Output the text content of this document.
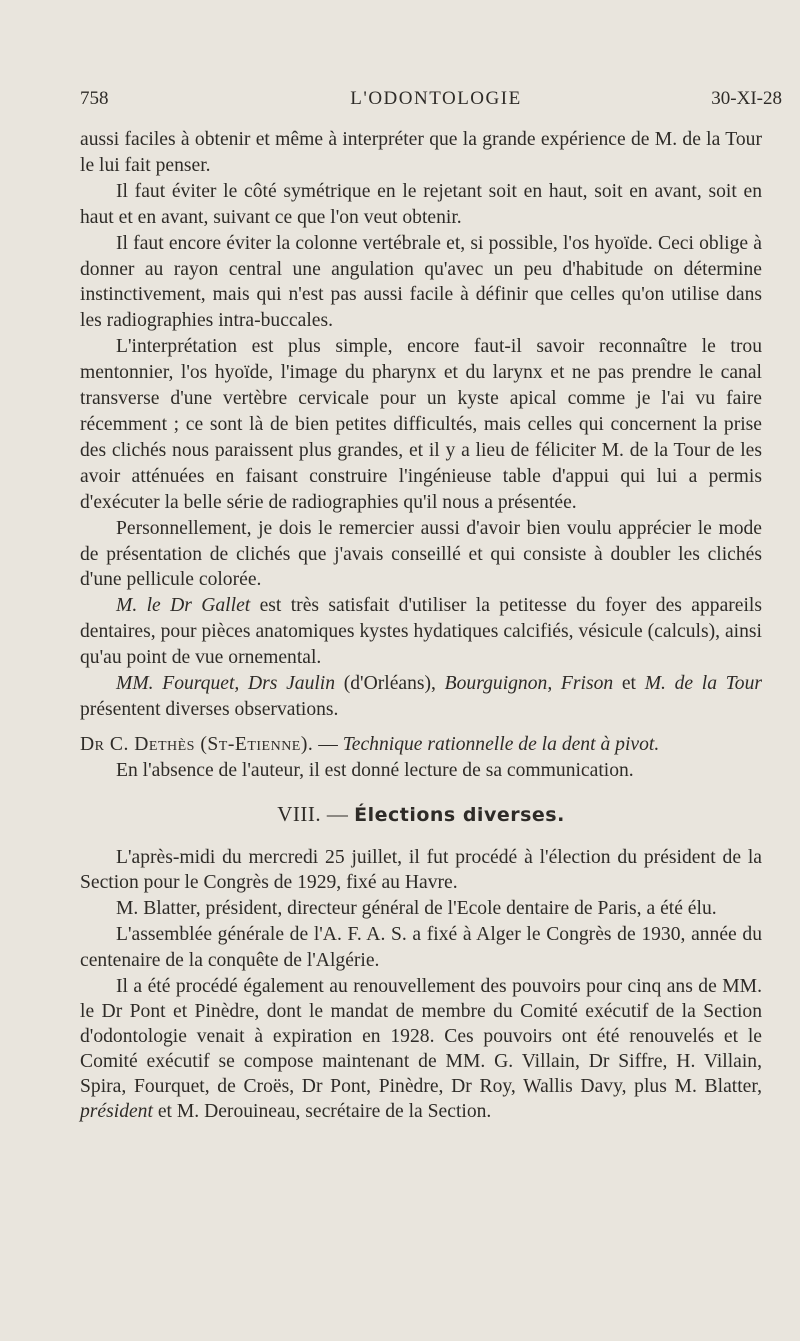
758	L'ODONTOLOGIE	30-XI-28

aussi faciles à obtenir et même à interpréter que la grande expérience de M. de la Tour le lui fait penser.

Il faut éviter le côté symétrique en le rejetant soit en haut, soit en avant, soit en haut et en avant, suivant ce que l'on veut obtenir.

Il faut encore éviter la colonne vertébrale et, si possible, l'os hyoïde. Ceci oblige à donner au rayon central une angulation qu'avec un peu d'habitude on détermine instinctivement, mais qui n'est pas aussi facile à définir que celles qu'on utilise dans les radiographies intra-buccales.

L'interprétation est plus simple, encore faut-il savoir reconnaître le trou mentonnier, l'os hyoïde, l'image du pharynx et du larynx et ne pas prendre le canal transverse d'une vertèbre cervicale pour un kyste apical comme je l'ai vu faire récemment ; ce sont là de bien petites difficultés, mais celles qui concernent la prise des clichés nous paraissent plus grandes, et il y a lieu de féliciter M. de la Tour de les avoir atténuées en faisant construire l'ingénieuse table d'appui qui lui a permis d'exécuter la belle série de radiographies qu'il nous a présentée.

Personnellement, je dois le remercier aussi d'avoir bien voulu apprécier le mode de présentation de clichés que j'avais conseillé et qui consiste à doubler les clichés d'une pellicule colorée.

M. le Dr Gallet est très satisfait d'utiliser la petitesse du foyer des appareils dentaires, pour pièces anatomiques kystes hydatiques calcifiés, vésicule (calculs), ainsi qu'au point de vue ornemental.

MM. Fourquet, Drs Jaulin (d'Orléans), Bourguignon, Frison et M. de la Tour présentent diverses observations.

Dr C. Dethès (St-Etienne). — Technique rationnelle de la dent à pivot.

En l'absence de l'auteur, il est donné lecture de sa communication.

VIII. — Élections diverses.

L'après-midi du mercredi 25 juillet, il fut procédé à l'élection du président de la Section pour le Congrès de 1929, fixé au Havre.

M. Blatter, président, directeur général de l'Ecole dentaire de Paris, a été élu.

L'assemblée générale de l'A. F. A. S. a fixé à Alger le Congrès de 1930, année du centenaire de la conquête de l'Algérie.

Il a été procédé également au renouvellement des pouvoirs pour cinq ans de MM. le Dr Pont et Pinèdre, dont le mandat de membre du Comité exécutif de la Section d'odontologie venait à expiration en 1928. Ces pouvoirs ont été renouvelés et le Comité exécutif se compose maintenant de MM. G. Villain, Dr Siffre, H. Villain, Spira, Fourquet, de Croës, Dr Pont, Pinèdre, Dr Roy, Wallis Davy, plus M. Blatter, président et M. Derouineau, secrétaire de la Section.
